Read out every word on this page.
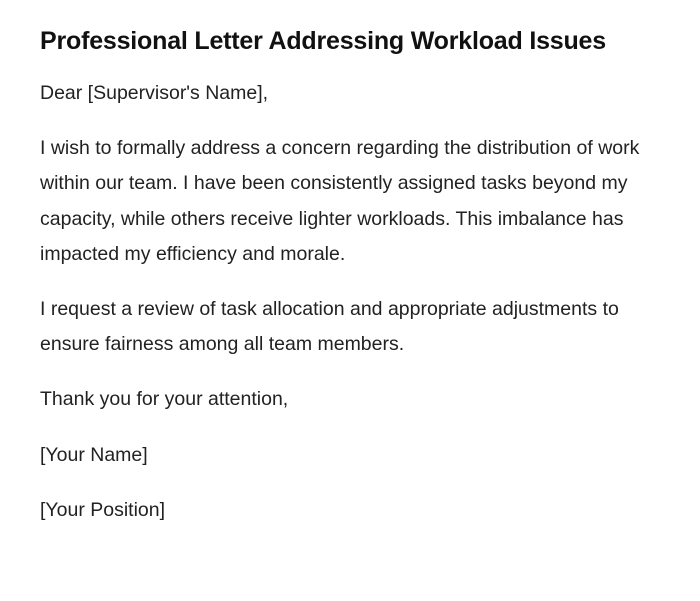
Professional Letter Addressing Workload Issues

Dear [Supervisor's Name],

I wish to formally address a concern regarding the distribution of work within our team. I have been consistently assigned tasks beyond my capacity, while others receive lighter workloads. This imbalance has impacted my efficiency and morale.

I request a review of task allocation and appropriate adjustments to ensure fairness among all team members.

Thank you for your attention,

[Your Name]

[Your Position]
